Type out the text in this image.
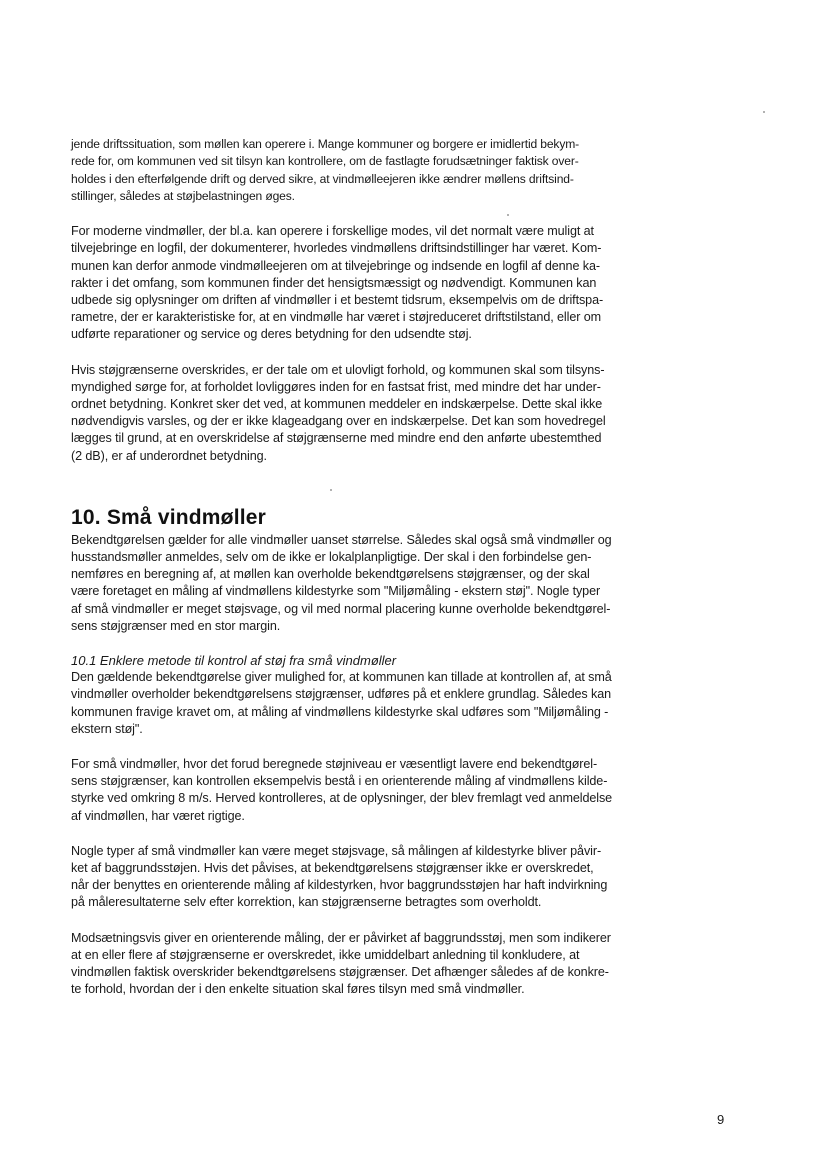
jende driftssituation, som møllen kan operere i. Mange kommuner og borgere er imidlertid bekym-
rede for, om kommunen ved sit tilsyn kan kontrollere, om de fastlagte forudsætninger faktisk over-
holdes i den efterfølgende drift og derved sikre, at vindmølleejeren ikke ændrer møllens driftsind-
stillinger, således at støjbelastningen øges.

For moderne vindmøller, der bl.a. kan operere i forskellige modes, vil det normalt være muligt at
tilvejebringe en logfil, der dokumenterer, hvorledes vindmøllens driftsindstillinger har været. Kom-
munen kan derfor anmode vindmølleejeren om at tilvejebringe og indsende en logfil af denne ka-
rakter i det omfang, som kommunen finder det hensigtsmæssigt og nødvendigt. Kommunen kan
udbede sig oplysninger om driften af vindmøller i et bestemt tidsrum, eksempelvis om de driftspa-
rametre, der er karakteristiske for, at en vindmølle har været i støjreduceret driftstilstand, eller om
udførte reparationer og service og deres betydning for den udsendte støj.

Hvis støjgrænserne overskrides, er der tale om et ulovligt forhold, og kommunen skal som tilsyns-
myndighed sørge for, at forholdet lovliggøres inden for en fastsat frist, med mindre det har under-
ordnet betydning. Konkret sker det ved, at kommunen meddeler en indskærpelse. Dette skal ikke
nødvendigvis varsles, og der er ikke klageadgang over en indskærpelse. Det kan som hovedregel
lægges til grund, at en overskridelse af støjgrænserne med mindre end den anførte ubestemthed
(2 dB), er af underordnet betydning.

10. Små vindmøller

Bekendtgørelsen gælder for alle vindmøller uanset størrelse. Således skal også små vindmøller og
husstandsmøller anmeldes, selv om de ikke er lokalplanpligtige. Der skal i den forbindelse gen-
nemføres en beregning af, at møllen kan overholde bekendtgørelsens støjgrænser, og der skal
være foretaget en måling af vindmøllens kildestyrke som "Miljømåling - ekstern støj". Nogle typer
af små vindmøller er meget støjsvage, og vil med normal placering kunne overholde bekendtgørel-
sens støjgrænser med en stor margin.

10.1 Enklere metode til kontrol af støj fra små vindmøller

Den gældende bekendtgørelse giver mulighed for, at kommunen kan tillade at kontrollen af, at små
vindmøller overholder bekendtgørelsens støjgrænser, udføres på et enklere grundlag. Således kan
kommunen fravige kravet om, at måling af vindmøllens kildestyrke skal udføres som "Miljømåling -
ekstern støj".

For små vindmøller, hvor det forud beregnede støjniveau er væsentligt lavere end bekendtgørel-
sens støjgrænser, kan kontrollen eksempelvis bestå i en orienterende måling af vindmøllens kilde-
styrke ved omkring 8 m/s. Herved kontrolleres, at de oplysninger, der blev fremlagt ved anmeldelse
af vindmøllen, har været rigtige.

Nogle typer af små vindmøller kan være meget støjsvage, så målingen af kildestyrke bliver påvir-
ket af baggrundsstøjen. Hvis det påvises, at bekendtgørelsens støjgrænser ikke er overskredet,
når der benyttes en orienterende måling af kildestyrken, hvor baggrundsstøjen har haft indvirkning
på måleresultaterne selv efter korrektion, kan støjgrænserne betragtes som overholdt.

Modsætningsvis giver en orienterende måling, der er påvirket af baggrundsstøj, men som indikerer
at en eller flere af støjgrænserne er overskredet, ikke umiddelbart anledning til konkludere, at
vindmøllen faktisk overskrider bekendtgørelsens støjgrænser. Det afhænger således af de konkre-
te forhold, hvordan der i den enkelte situation skal føres tilsyn med små vindmøller.

9
